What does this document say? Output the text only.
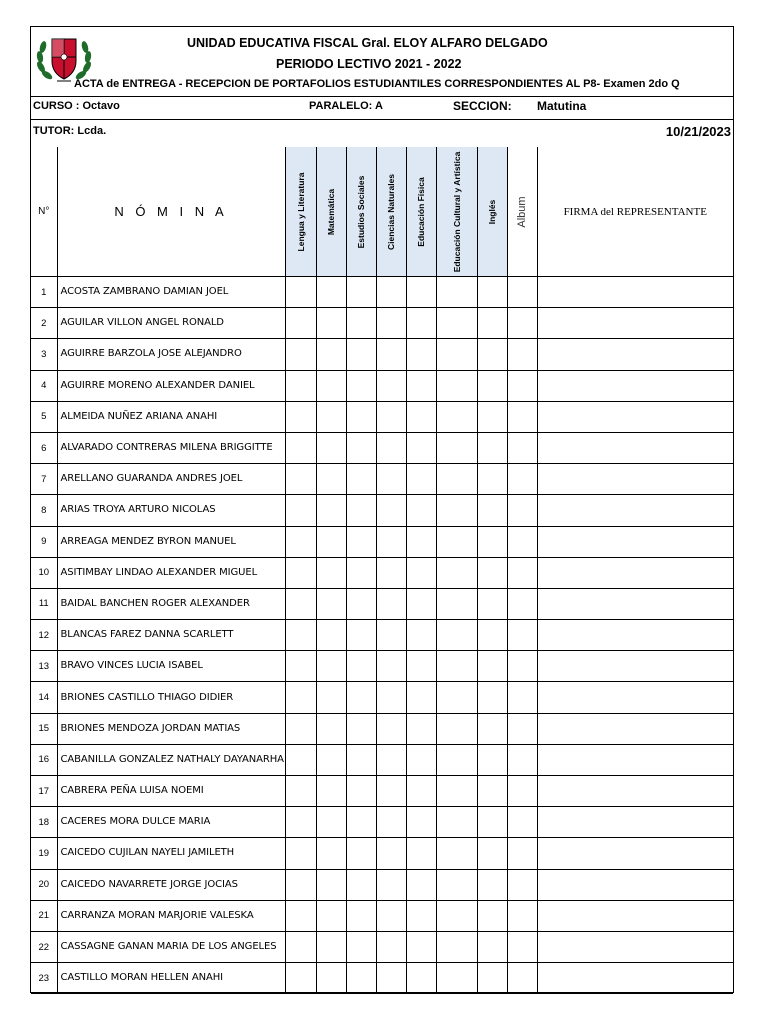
UNIDAD EDUCATIVA FISCAL Gral. ELOY ALFARO DELGADO
PERIODO LECTIVO 2021 - 2022
ACTA de ENTREGA - RECEPCION DE PORTAFOLIOS ESTUDIANTILES CORRESPONDIENTES AL P8- Examen 2do Q
CURSO : Octavo	PARALELO: A	SECCION: Matutina
TUTOR: Lcda.	10/21/2023
N°	N Ó M I N A	Lengua y Literatura	Matemática	Estudios Sociales	Ciencias Naturales	Educación Física	Educación Cultural y Artística	Inglés	Album	FIRMA del REPRESENTANTE
1	ACOSTA ZAMBRANO DAMIAN JOEL									
2	AGUILAR VILLON ANGEL RONALD									
3	AGUIRRE BARZOLA JOSE ALEJANDRO									
4	AGUIRRE MORENO ALEXANDER DANIEL									
5	ALMEIDA NUÑEZ ARIANA ANAHI									
6	ALVARADO CONTRERAS MILENA BRIGGITTE									
7	ARELLANO GUARANDA ANDRES JOEL									
8	ARIAS TROYA ARTURO NICOLAS									
9	ARREAGA MENDEZ BYRON MANUEL									
10	ASITIMBAY LINDAO ALEXANDER MIGUEL									
11	BAIDAL BANCHEN ROGER ALEXANDER									
12	BLANCAS FAREZ DANNA SCARLETT									
13	BRAVO VINCES LUCIA ISABEL									
14	BRIONES CASTILLO THIAGO DIDIER									
15	BRIONES MENDOZA JORDAN MATIAS									
16	CABANILLA GONZALEZ NATHALY DAYANARHA									
17	CABRERA PEÑA LUISA NOEMI									
18	CACERES MORA DULCE MARIA									
19	CAICEDO CUJILAN NAYELI JAMILETH									
20	CAICEDO NAVARRETE JORGE JOCIAS									
21	CARRANZA MORAN MARJORIE VALESKA									
22	CASSAGNE GANAN MARIA DE LOS ANGELES									
23	CASTILLO MORAN HELLEN ANAHI									
